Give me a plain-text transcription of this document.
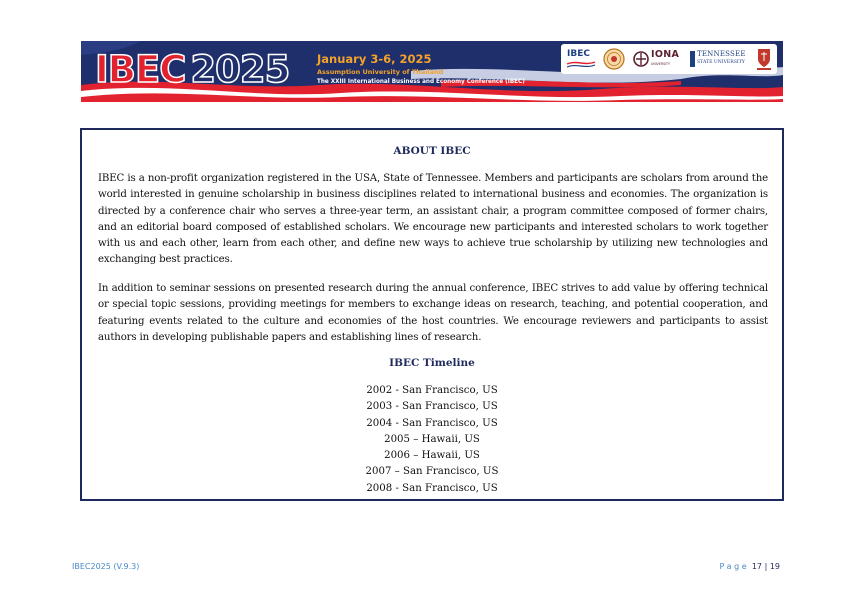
IBEC 2025 January 3-6, 2025
Assumption University of Thailand
The XXIII International Business and Economy Conference (IBEC)
IBEC	IONA
UNIVERSITY
TENNESSEE
STATE UNIVERSITY
ABOUT IBEC

IBEC is a non-profit organization registered in the USA, State of Tennessee. Members and participants are scholars from around the world interested in genuine scholarship in business disciplines related to international business and economies. The organization is directed by a conference chair who serves a three-year term, an assistant chair, a program committee composed of former chairs, and an editorial board composed of established scholars. We encourage new participants and interested scholars to work together with us and each other, learn from each other, and define new ways to achieve true scholarship by utilizing new technologies and exchanging best practices.

In addition to seminar sessions on presented research during the annual conference, IBEC strives to add value by offering technical or special topic sessions, providing meetings for members to exchange ideas on research, teaching, and potential cooperation, and featuring events related to the culture and economies of the host countries. We encourage reviewers and participants to assist authors in developing publishable papers and establishing lines of research.

IBEC Timeline
2002 - San Francisco, US
2003 - San Francisco, US
2004 - San Francisco, US
2005 – Hawaii, US
2006 – Hawaii, US
2007 – San Francisco, US
2008 - San Francisco, US
IBEC2025 (V.9.3)	Page 17 | 19
